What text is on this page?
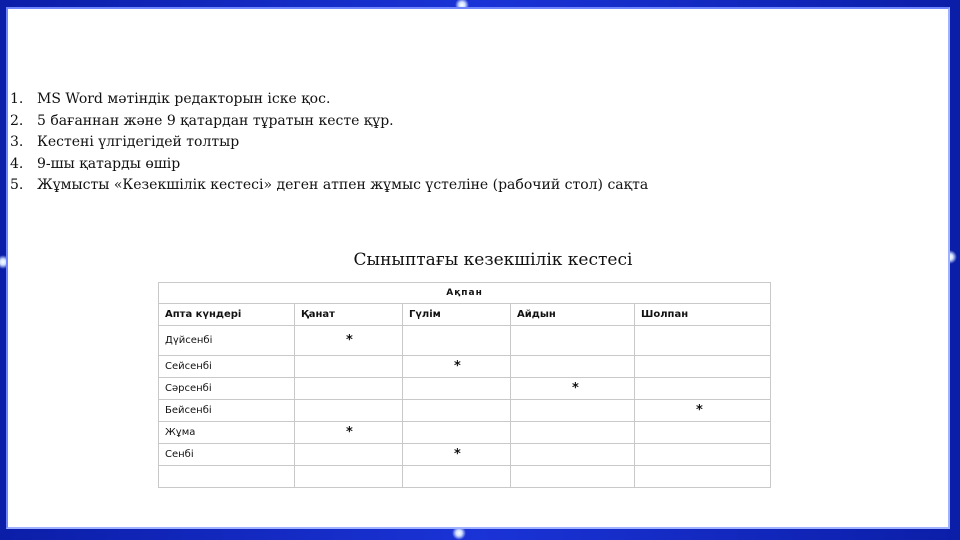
1. MS Word мәтіндік редакторын іске қос.
2. 5 бағаннан және 9 қатардан тұратын кесте құр.
3. Кестені үлгідегідей толтыр
4. 9-шы қатарды өшір
5. Жұмысты «Кезекшілік кестесі» деген атпен жұмыс үстеліне (рабочий стол) сақта
Сыныптағы кезекшілік кестесі
Ақпан				
Апта күндері	Қанат	Гүлім	Айдын	Шолпан
Дүйсенбі	*			
Сейсенбі		*		
Сәрсенбі			*	
Бейсенбі				*
Жұма	*			
Сенбі		*		
